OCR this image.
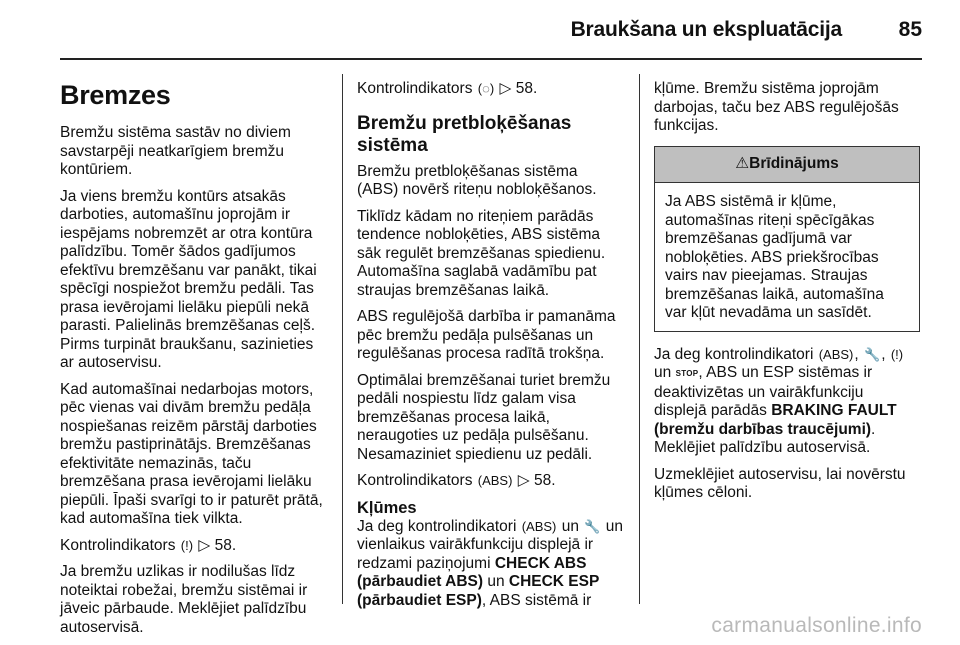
Braukšana un ekspluatācija	85
Bremzes

Bremžu sistēma sastāv no diviem savstarpēji neatkarīgiem bremžu kontūriem.

Ja viens bremžu kontūrs atsakās darboties, automašīnu joprojām ir iespējams nobremzēt ar otra kontūra palīdzību. Tomēr šādos gadījumos efektīvu bremzēšanu var panākt, tikai spēcīgi nospiežot bremžu pedāli. Tas prasa ievērojami lielāku piepūli nekā parasti. Palielinās bremzēšanas ceļš. Pirms turpināt braukšanu, sazinieties ar autoservisu.

Kad automašīnai nedarbojas motors, pēc vienas vai divām bremžu pedāļa nospiešanas reizēm pārstāj darboties bremžu pastiprinātājs. Bremzēšanas efektivitāte nemazinās, taču bremzēšana prasa ievērojami lielāku piepūli. Īpaši svarīgi to ir paturēt prātā, kad automašīna tiek vilkta.

Kontrolindikators (!) ▷ 58.

Ja bremžu uzlikas ir nodilušas līdz noteiktai robežai, bremžu sistēmai ir jāveic pārbaude. Meklējiet palīdzību autoservisā.

Kontrolindikators (◌) ▷ 58.

Bremžu pretbloķēšanas sistēma

Bremžu pretbloķēšanas sistēma (ABS) novērš riteņu nobloķēšanos.

Tiklīdz kādam no riteņiem parādās tendence nobloķēties, ABS sistēma sāk regulēt bremzēšanas spiedienu. Automašīna saglabā vadāmību pat straujas bremzēšanas laikā.

ABS regulējošā darbība ir pamanāma pēc bremžu pedāļa pulsēšanas un regulēšanas procesa radītā trokšņa.

Optimālai bremzēšanai turiet bremžu pedāli nospiestu līdz galam visa bremzēšanas procesa laikā, neraugoties uz pedāļa pulsēšanu. Nesamaziniet spiedienu uz pedāli.

Kontrolindikators (ABS) ▷ 58.

Kļūmes

Ja deg kontrolindikatori (ABS) un 🔧 un vienlaikus vairākfunkciju displejā ir redzami paziņojumi CHECK ABS (pārbaudiet ABS) un CHECK ESP (pārbaudiet ESP), ABS sistēmā ir

kļūme. Bremžu sistēma joprojām darbojas, taču bez ABS regulējošās funkcijas.

⚠Brīdinājums
Ja ABS sistēmā ir kļūme, automašīnas riteņi spēcīgākas bremzēšanas gadījumā var nobloķēties. ABS priekšrocības vairs nav pieejamas. Straujas bremzēšanas laikā, automašīna var kļūt nevadāma un sasīdēt.

Ja deg kontrolindikatori (ABS), 🔧, (!) un STOP, ABS un ESP sistēmas ir deaktivizētas un vairākfunkciju displejā parādās BRAKING FAULT (bremžu darbības traucējumi). Meklējiet palīdzību autoservisā.

Uzmeklējiet autoservisu, lai novērstu kļūmes cēloni.

carmanualsonline.info
